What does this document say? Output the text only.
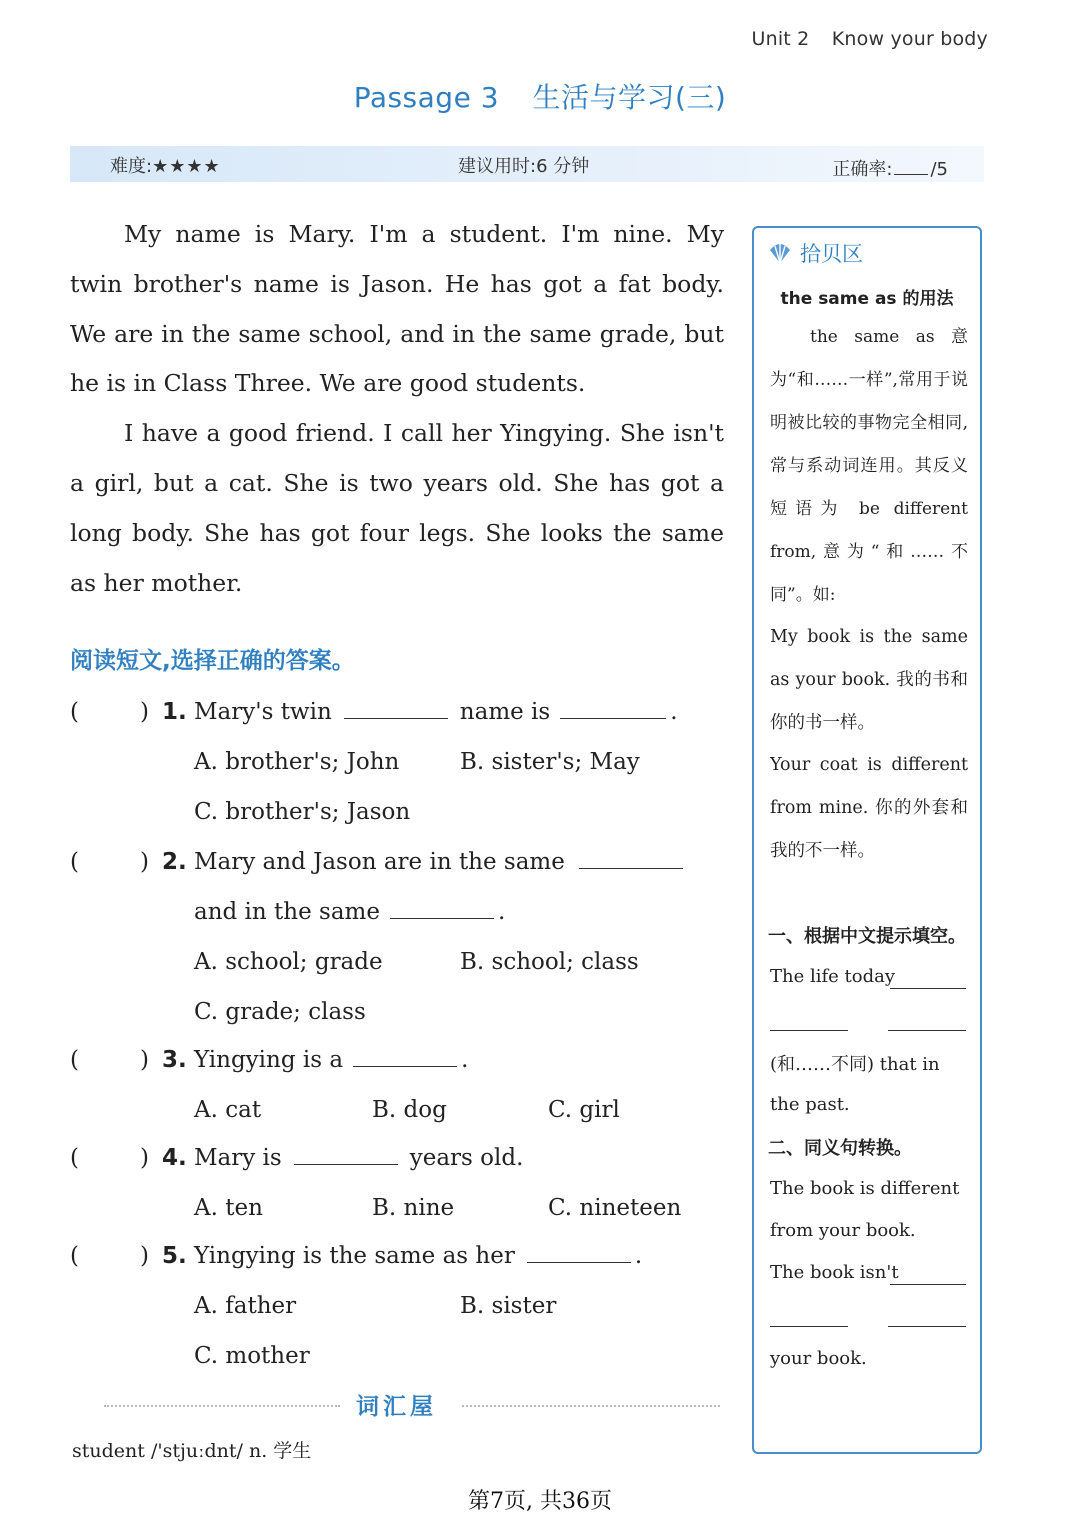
Unit 2 Know your body
Passage 3 生活与学习(三)
难度:★★★★	建议用时:6 分钟	正确率: /5

My name is Mary. I'm a student. I'm nine. My twin brother's name is Jason. He has got a fat body. We are in the same school, and in the same grade, but he is in Class Three. We are good students.

I have a good friend. I call her Yingying. She isn't a girl, but a cat. She is two years old. She has got a long body. She has got four legs. She looks the same as her mother.

阅读短文,选择正确的答案。
(	) 1. Mary's twin	name is	.
A. brother's; John	B. sister's; May
C. brother's; Jason
(	) 2. Mary and Jason are in the same
and in the same	.
A. school; grade	B. school; class
C. grade; class
(	) 3. Yingying is a	.
A. cat	B. dog	C. girl
(	) 4. Mary is	years old.
A. ten	B. nine	C. nineteen
(	) 5. Yingying is the same as her	.
A. father	B. sister
C. mother
词汇屋
student /'stjuːdnt/ n. 学生
拾贝区
the same as 的用法

the same as 意为“和……一样”,常用于说明被比较的事物完全相同,常与系动词连用。其反义短语为 be different from,意为“和……不同”。如:

My book is the same as your book. 我的书和你的书一样。

Your coat is different from mine. 你的外套和我的不一样。

一、根据中文提示填空。
The life today
(和……不同) that in
the past.
二、同义句转换。
The book is different
from your book.
The book isn't
your book.
第7页, 共36页
